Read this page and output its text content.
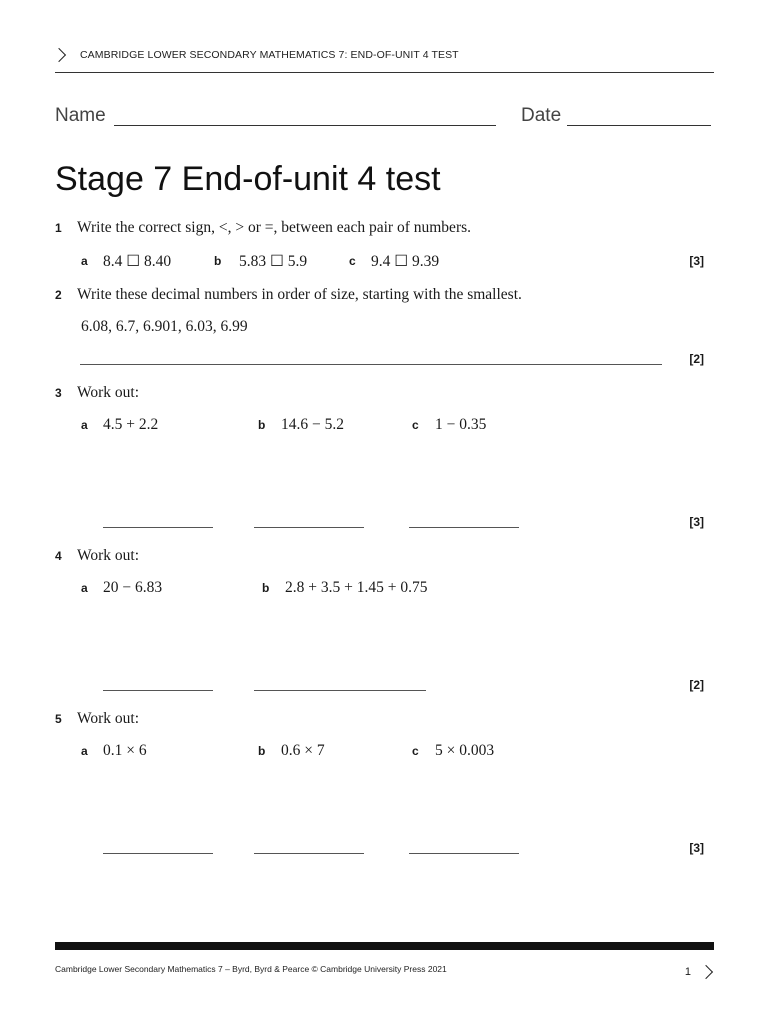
CAMBRIDGE LOWER SECONDARY MATHEMATICS 7: END-OF-UNIT 4 TEST
Name	Date
Stage 7 End-of-unit 4 test
1 Write the correct sign, <, > or =, between each pair of numbers.
a 8.4 ☐ 8.40	b 5.83 ☐ 5.9	c 9.4 ☐ 9.39	[3]
2 Write these decimal numbers in order of size, starting with the smallest.
6.08, 6.7, 6.901, 6.03, 6.99
[2]
3 Work out:
a 4.5 + 2.2	b 14.6 − 5.2	c 1 − 0.35
[3]
4 Work out:
a 20 − 6.83	b 2.8 + 3.5 + 1.45 + 0.75
[2]
5 Work out:
a 0.1 × 6	b 0.6 × 7	c 5 × 0.003
[3]
Cambridge Lower Secondary Mathematics 7 – Byrd, Byrd & Pearce © Cambridge University Press 2021	1
